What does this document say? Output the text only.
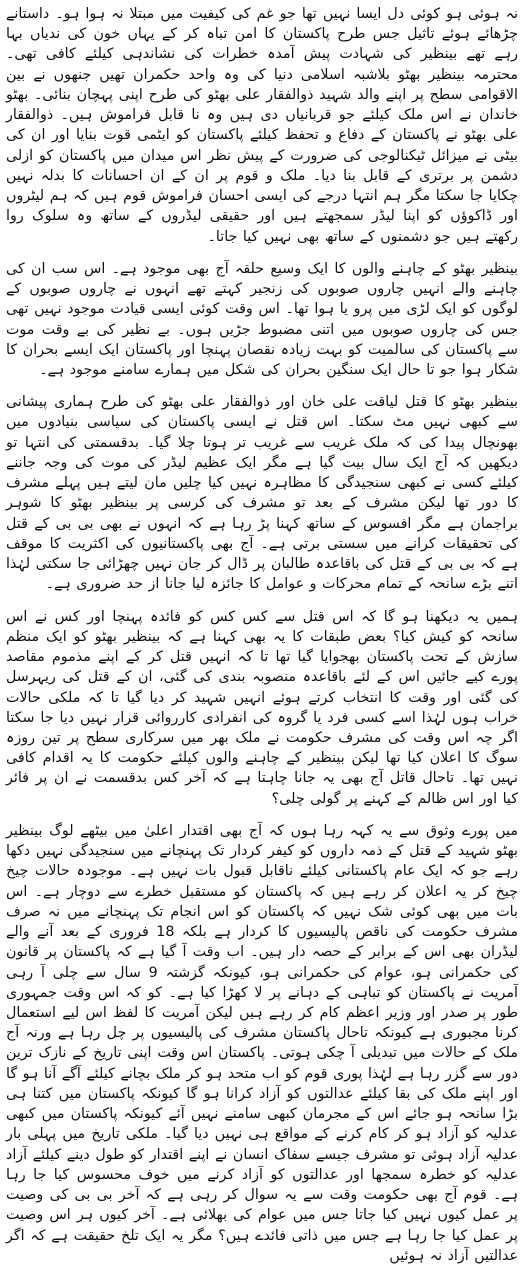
نہ ہوئی ہو کوئی دل ایسا نہیں تھا جو غم کی کیفیت میں مبتلا نہ ہوا ہو۔ داستانے چڑھائے ہوئے تاثیل جس طرح پاکستان کا امن تباہ کر کے یہاں خون کی ندیاں بہا رہے تھے بینظیر کی شہادت پیش آمدہ خطرات کی نشاندہی کیلئے کافی تھی۔ محترمہ بینظیر بھٹو بلاشبہ اسلامی دنیا کی وہ واحد حکمران تھیں جنھوں نے بین الاقوامی سطح پر اپنے والد شہید ذوالفقار علی بھٹو کی طرح اپنی پہچان بنائی۔ بھٹو خاندان نے اس ملک کیلئے جو قربانیاں دی ہیں وہ نا قابل فراموش ہیں۔ ذوالفقار علی بھٹو نے پاکستان کے دفاع و تحفظ کیلئے پاکستان کو ایٹمی قوت بنایا اور ان کی بیٹی نے میزائل ٹیکنالوجی کی ضرورت کے پیش نظر اس میدان میں پاکستان کو ازلی دشمن پر برتری کے قابل بنا دیا۔ ملک و قوم پر ان کے ان احسانات کا بدلہ نہیں چکایا جا سکتا مگر ہم انتہا درجے کی ایسی احسان فراموش قوم ہیں کہ ہم لیٹروں اور ڈاکوؤں کو اپنا لیڈر سمجھتے ہیں اور حقیقی لیڈروں کے ساتھ وہ سلوک روا رکھتے ہیں جو دشمنوں کے ساتھ بھی نہیں کیا جاتا۔

بینظیر بھٹو کے چاہنے والوں کا ایک وسیع حلقہ آج بھی موجود ہے۔ اس سب ان کی چاہنے والے انہیں چاروں صوبوں کی زنجیر کہتے تھے انہوں نے چاروں صوبوں کے لوگوں کو ایک لڑی میں پرو یا ہوا تھا۔ اس وقت کوئی ایسی قیادت موجود نہیں تھی جس کی چاروں صوبوں میں اتنی مضبوط جڑیں ہوں۔ بے نظیر کی بے وقت موت سے پاکستان کی سالمیت کو بہت زیادہ نقصان پہنچا اور پاکستان ایک ایسے بحران کا شکار ہوا جو تا حال ایک سنگین بحران کی شکل میں ہمارے سامنے موجود ہے۔

بینظیر بھٹو کا قتل لیاقت علی خان اور ذوالفقار علی بھٹو کی طرح ہماری پیشانی سے کبھی نہیں مٹ سکتا۔ اس قتل نے ایسی پاکستان کی سیاسی بنیادوں میں بھونچال پیدا کی کہ ملک غریب سے غریب تر ہوتا چلا گیا۔ بدقسمتی کی انتہا تو دیکھیں کہ آج ایک سال بیت گیا ہے مگر ایک عظیم لیڈر کی موت کی وجہ جاننے کیلئے کسی نے کبھی سنجیدگی کا مظاہرہ نہیں کیا چلیں مان لیتے ہیں پہلے مشرف کا دور تھا لیکن مشرف کے بعد تو مشرف کی کرسی پر بینظیر بھٹو کا شوہر براجمان ہے مگر افسوس کے ساتھ کہنا پڑ رہا ہے کہ انہوں نے بھی بی بی کے قتل کی تحقیقات کرانے میں سستی برتی ہے۔ آج بھی پاکستانیوں کی اکثریت کا موقف ہے کہ بی بی کے قتل کی باقاعدہ طالبان پر ڈال کر جان نہیں چھڑائی جا سکتی لہٰذا اتنے بڑے سانحہ کے تمام محرکات و عوامل کا جائزہ لیا جانا از حد ضروری ہے۔

ہمیں یہ دیکھنا ہو گا کہ اس قتل سے کس کس کو فائدہ پہنچا اور کس نے اس سانحہ کو کیش کیا؟ بعض طبقات کا یہ بھی کہنا ہے کہ بینظیر بھٹو کو ایک منظم سازش کے تحت پاکستان بھجوایا گیا تھا تا کہ انہیں قتل کر کے اپنے مذموم مقاصد پورے کیے جائیں اس کے لئے باقاعدہ منصوبہ بندی کی گئی، ان کے قتل کی ریہرسل کی گئی اور وقت کا انتخاب کرتے ہوئے انہیں شہید کر دیا گیا تا کہ ملکی حالات خراب ہوں لہٰذا اسے کسی فرد یا گروہ کی انفرادی کارروائی قرار نہیں دیا جا سکتا اگر چہ اس وقت کی مشرف حکومت نے ملک بھر میں سرکاری سطح پر تین روزہ سوگ کا اعلان کیا تھا لیکن بینظیر کے چاہنے والوں کیلئے حکومت کا یہ اقدام کافی نہیں تھا۔ تاحال قاتل آج بھی یہ جانا چاہتا ہے کہ آخر کس بدقسمت نے ان پر فائر کیا اور اس ظالم کے کہنے پر گولی چلی؟

میں پورے وثوق سے یہ کہہ رہا ہوں کہ آج بھی اقتدار اعلیٰ میں بیٹھے لوگ بینظیر بھٹو شہید کے قتل کے ذمہ داروں کو کیفر کردار تک پہنچانے میں سنجیدگی نہیں دکھا رہے جو کہ ایک عام پاکستانی کیلئے ناقابل قبول بات نہیں ہے۔ موجودہ حالات چیخ چیخ کر یہ اعلان کر رہے ہیں کہ پاکستان کو مستقبل خطرے سے دوچار ہے۔ اس بات میں بھی کوئی شک نہیں کہ پاکستان کو اس انجام تک پہنچانے میں نہ صرف مشرف حکومت کی ناقص پالیسیوں کا کردار ہے بلکہ 18 فروری کے بعد آنے والے لیڈران بھی اس کے برابر کے حصہ دار ہیں۔ اب وقت آ گیا ہے کہ پاکستان پر قانون کی حکمرانی ہو، عوام کی حکمرانی ہو، کیونکہ گزشتہ 9 سال سے چلی آ رہی آمریت نے پاکستان کو تباہی کے دہانے پر لا کھڑا کیا ہے۔ کو کہ اس وقت جمہوری طور پر صدر اور وزیر اعظم کام کر رہے ہیں لیکن آمریت کا لفظ اس لیے استعمال کرنا مجبوری ہے کیونکہ تاحال پاکستان مشرف کی پالیسیوں پر چل رہا ہے ورنہ آج ملک کے حالات میں تبدیلی آ چکی ہوتی۔ پاکستان اس وقت اپنی تاریخ کے نازک ترین دور سے گزر رہا ہے لہٰذا پوری قوم کو اب متحد ہو کر ملک بچانے کیلئے آگے آنا ہو گا اور اپنے ملک کی بقا کیلئے عدالتوں کو آزاد کرانا ہو گا کیونکہ پاکستان میں کتنا ہی بڑا سانحہ ہو جائے اس کے مجرمان کبھی سامنے نہیں آئے کیونکہ پاکستان میں کبھی عدلیہ کو آزاد ہو کر کام کرنے کے مواقع ہی نہیں دیا گیا۔ ملکی تاریخ میں پہلی بار عدلیہ آزاد ہوئی تو مشرف جیسے سفاک انسان نے اپنے اقتدار کو طول دینے کیلئے آزاد عدلیہ کو خطرہ سمجھا اور عدالتوں کو آزاد کرنے میں خوف محسوس کیا جا رہا ہے۔ قوم آج بھی حکومت وقت سے یہ سوال کر رہی ہے کہ آخر بی بی کی وصیت پر عمل کیوں نہیں کیا جاتا جس میں عوام کی بھلائی ہے۔ آخر کیوں ہر اس وصیت پر عمل کیا جا رہا ہے جس میں ذاتی فائدے ہیں؟ مگر یہ ایک تلخ حقیقت ہے کہ اگر عدالتیں آزاد نہ ہوئیں
